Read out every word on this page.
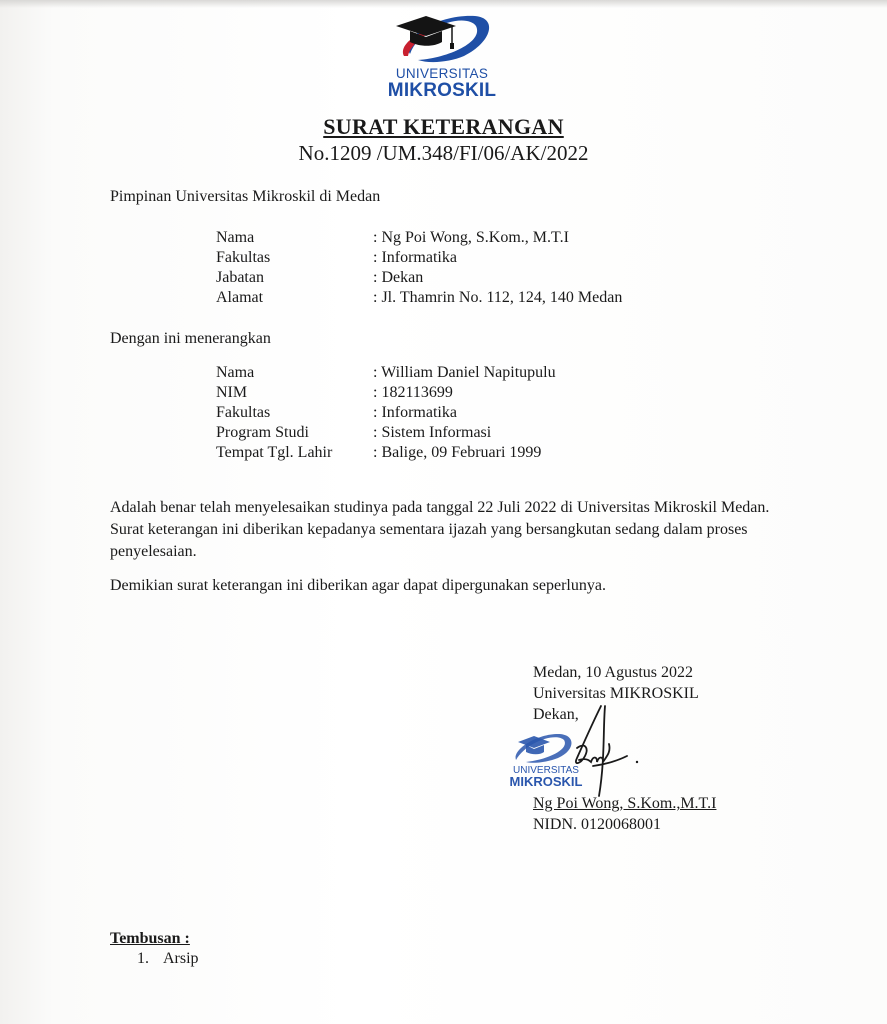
UNIVERSITAS
MIKROSKIL
SURAT KETERANGAN
No.1209 /UM.348/FI/06/AK/2022
Pimpinan Universitas Mikroskil di Medan
Nama	: Ng Poi Wong, S.Kom., M.T.I
Fakultas	: Informatika
Jabatan	: Dekan
Alamat	: Jl. Thamrin No. 112, 124, 140 Medan
Dengan ini menerangkan
Nama	: William Daniel Napitupulu
NIM	: 182113699
Fakultas	: Informatika
Program Studi	: Sistem Informasi
Tempat Tgl. Lahir	: Balige, 09 Februari 1999
Adalah benar telah menyelesaikan studinya pada tanggal 22 Juli 2022 di Universitas Mikroskil Medan. Surat keterangan ini diberikan kepadanya sementara ijazah yang bersangkutan sedang dalam proses penyelesaian.
Demikian surat keterangan ini diberikan agar dapat dipergunakan seperlunya.
Medan, 10 Agustus 2022
Universitas MIKROSKIL
Dekan,
UNIVERSITAS
MIKROSKIL
Ng Poi Wong, S.Kom.,M.T.I
NIDN. 0120068001
Tembusan :
1. Arsip
